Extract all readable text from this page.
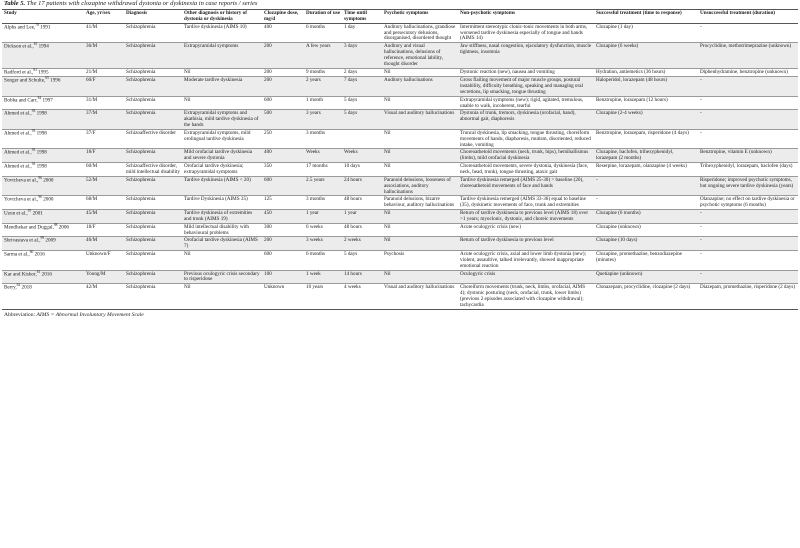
Table 5. The 17 patients with clozapine withdrawal dystonia or dyskinesia in case reports / series
Study	Age, yr/sex	Diagnosis	Other diagnosis or history of dystonia or dyskinesia	Clozapine dose, mg/d	Duration of use	Time until symptoms	Psychotic symptoms	Non-psychotic symptoms	Successful treatment (time to response)	Unsuccessful treatment (duration)
Alphs and Lee,$^{78}$ 1991	41/M	Schizophrenia	Tardive dyskinesia (AIMS 10)	400	6 months	1 day	Auditory hallucinations, grandiose and persecutory delusions, disorganised, disordered thought	Intermittent stereotypic clonic-tonic movements in both arms, worsened tardive dyskinesia especially of tongue and hands (AIMS 14)	Clozapine (1 day)	-
Dickson et al.,$^{81}$ 1994	36/M	Schizophrenia	Extrapyramidal symptoms	200	A few years	3 days	Auditory and visual hallucinations, delusions of reference, emotional lability, thought disorder	Jaw stiffness, nasal congestion, ejaculatory dysfunction, muscle tightness, insomnia	Clozapine (6 weeks)	Procyclidine, methotrimeprazine (unknown)
Radford et al.,$^{83}$ 1995	21/M	Schizophrenia	Nil	200	9 months	2 days	Nil	Dystonic reaction (new), nausea and vomiting	Hydration, antiemetics (36 hours)	Diphenhydramine, benztropine (unknown)
Songer and Schulte,$^{85}$ 1996	60/F	Schizophrenia	Moderate tardive dyskinesia	200	2 years	7 days	Auditory hallucinations	Gross flailing movement of major muscle groups, postural instability, difficulty breathing, speaking and managing oral secretions, lip smacking, tongue thrusting	Haloperidol, lorazepam (48 hours)	-
Bobba and Carr,$^{84}$ 1997	31/M	Schizophrenia	Nil	600	1 month	5 days	Nil	Extrapyramidal symptoms (new); rigid, agitated, tremulous, unable to walk, incoherent, tearful	Benztropine, lorazepam (12 hours)	-
Ahmed et al.,$^{93}$ 1998	37/M	Schizophrenia	Extrapyramidal symptoms and akathisia, mild tardive dyskinesia of the hands	500	3 years	5 days	Visual and auditory hallucinations	Dystonia of trunk, tremors, dyskinesia (orofacial, hand), abnormal gait, diaphoresis	Clozapine (2-4 weeks)	-
Ahmed et al.,$^{93}$ 1998	37/F	Schizoaffective disorder	Extrapyramidal symptoms, mild orolingual tardive dyskinesia	250	3 months		Nil	Truncal dyskinesia, lip smacking, tongue thrusting, choreiform movements of hands, diaphoresis, mutism, disoriented, reduced intake, vomiting	Benztropine, lorazepam, risperidone (4 days)	-
Ahmed et al.,$^{93}$ 1998	18/F	Schizophrenia	Mild orofacial tardive dyskinesia and severe dystonia	400	Weeks	Weeks	Nil	Choreoathetoid movements (neck, trunk, hips), hemiballismus (limbs), mild orofacial dyskinesia	Clozapine, baclofen, trihexyphenidyl, lorazepam (2 months)	Benztropine, vitamin E (unknown)
Ahmed et al.,$^{93}$ 1998	60/M	Schizoaffective disorder, mild intellectual disability	Orofacial tardive dyskinesia; extrapyramidal symptoms	350	17 months	10 days	Nil	Choreoathetoid movements, severe dystonia, dyskinesia (face, neck, head, trunk), tongue thrusting, ataxic gait	Reserpine, lorazepam, olanzapine (4 weeks)	Trihexyphenidyl, lorazepam, baclofen (days)
Yovtcheva et al.,$^{96}$ 2000	52/M	Schizophrenia	Tardive dyskinesia (AIMS < 20)	600	2.5 years	24 hours	Paranoid delusions, looseness of associations, auditory hallucinations	Tardive dyskinesia remerged (AIMS 25-30) > baseline (20), choreoathetoid movements of face and hands	-	Risperidone; improved psychotic symptoms, but ongoing severe tardive dyskinesia (years)
Yovtcheva et al.,$^{96}$ 2000	68/M	Schizophrenia	Tardive Dyskinesia (AIMS 35)	125	3 months	48 hours	Paranoid delusions, bizarre behaviour, auditory hallucinations	Tardive dyskinesia remerged (AIMS 33-36) equal to baseline (35), dyskinetic movements of face, trunk and extremities	-	Olanzapine; no effect on tardive dyskinesia or psychotic symptoms (6 months)
Uzun et al.,$^{97}$ 2001	45/M	Schizophrenia	Tardive dyskinesia of extremities and trunk (AIMS 19)	450	1 year	1 year	Nil	Return of tardive dyskinesia to previous level (AIMS 18) over >1 years; myoclonic, dystonic, and choreic movements	Clozapine (6 months)	-
Mendhekar and Duggal,$^{98}$ 2006	18/F	Schizophrenia	Mild intellectual disability with behavioural problems	300	6 weeks	48 hours	Nil	Acute oculogyric crisis (new)	Clozapine (unknown)	-
Shrivastava et al.,$^{99}$ 2009	46/M	Schizophrenia	Orofacial tardive dyskinesia (AIMS 7)	200	3 weeks	2 weeks	Nil	Return of tardive dyskinesia to previous level	Clozapine (10 days)	-
Sarma et al.,$^{60}$ 2016	Unknown/F	Schizophrenia	Nil	600	6 months	5 days	Psychosis	Acute oculogyric crisis, axial and lower limb dystonia (new); violent, assaultive, talked irrelevantly, showed inappropriate emotional reaction	Clozapine, promethazine, benzodiazepine (minutes)	-
Kar and Kishor,$^{61}$ 2016	Young/M	Schizophrenia	Previous oculogyric crisis secondary to risperidone	100	1 week	14 hours	Nil	Oculogyric crisis	Quetiapine (unknown)	-
Berry,$^{62}$ 2018	42/M	Schizophrenia	Nil	Unknown	10 years	4 weeks	Visual and auditory hallucinations	Choreiform movements (trunk, neck, limbs, orofacial, AIMS 4); dystonic posturing (neck, orofacial, trunk, lower limbs) (previous 2 episodes associated with clozapine withdrawal); tachycardia	Clonazepam, procyclidine, clozapine (2 days)	Diazepam, promethazine, risperidone (2 days)
Abbreviation: AIMS = Abnormal Involuntary Movement Scale
